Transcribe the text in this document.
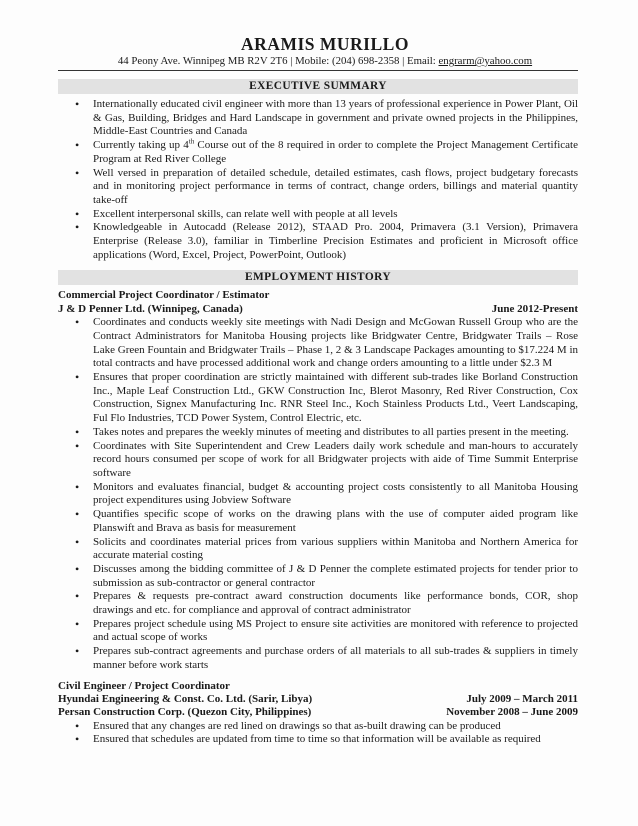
ARAMIS MURILLO
44 Peony Ave. Winnipeg MB R2V 2T6 | Mobile: (204) 698-2358 | Email: engrarm@yahoo.com
EXECUTIVE SUMMARY
• Internationally educated civil engineer with more than 13 years of professional experience in Power Plant, Oil & Gas, Building, Bridges and Hard Landscape in government and private owned projects in the Philippines, Middle-East Countries and Canada
• Currently taking up 4th Course out of the 8 required in order to complete the Project Management Certificate Program at Red River College
• Well versed in preparation of detailed schedule, detailed estimates, cash flows, project budgetary forecasts and in monitoring project performance in terms of contract, change orders, billings and material quantity take-off
• Excellent interpersonal skills, can relate well with people at all levels
• Knowledgeable in Autocadd (Release 2012), STAAD Pro. 2004, Primavera (3.1 Version), Primavera Enterprise (Release 3.0), familiar in Timberline Precision Estimates and proficient in Microsoft office applications (Word, Excel, Project, PowerPoint, Outlook)
EMPLOYMENT HISTORY
Commercial Project Coordinator / Estimator
J & D Penner Ltd. (Winnipeg, Canada)	June 2012-Present
• Coordinates and conducts weekly site meetings with Nadi Design and McGowan Russell Group who are the Contract Administrators for Manitoba Housing projects like Bridgwater Centre, Bridgwater Trails – Rose Lake Green Fountain and Bridgwater Trails – Phase 1, 2 & 3 Landscape Packages amounting to $17.224 M in total contracts and have processed additional work and change orders amounting to a little under $2.3 M
• Ensures that proper coordination are strictly maintained with different sub-trades like Borland Construction Inc., Maple Leaf Construction Ltd., GKW Construction Inc, Blerot Masonry, Red River Construction, Cox Construction, Signex Manufacturing Inc. RNR Steel Inc., Koch Stainless Products Ltd., Veert Landscaping, Ful Flo Industries, TCD Power System, Control Electric, etc.
• Takes notes and prepares the weekly minutes of meeting and distributes to all parties present in the meeting.
• Coordinates with Site Superintendent and Crew Leaders daily work schedule and man-hours to accurately record hours consumed per scope of work for all Bridgwater projects with aide of Time Summit Enterprise software
• Monitors and evaluates financial, budget & accounting project costs consistently to all Manitoba Housing project expenditures using Jobview Software
• Quantifies specific scope of works on the drawing plans with the use of computer aided program like Planswift and Brava as basis for measurement
• Solicits and coordinates material prices from various suppliers within Manitoba and Northern America for accurate material costing
• Discusses among the bidding committee of J & D Penner the complete estimated projects for tender prior to submission as sub-contractor or general contractor
• Prepares & requests pre-contract award construction documents like performance bonds, COR, shop drawings and etc. for compliance and approval of contract administrator
• Prepares project schedule using MS Project to ensure site activities are monitored with reference to projected and actual scope of works
• Prepares sub-contract agreements and purchase orders of all materials to all sub-trades & suppliers in timely manner before work starts
Civil Engineer / Project Coordinator
Hyundai Engineering & Const. Co. Ltd. (Sarir, Libya)	July 2009 – March 2011
Persan Construction Corp. (Quezon City, Philippines)	November 2008 – June 2009
• Ensured that any changes are red lined on drawings so that as-built drawing can be produced
• Ensured that schedules are updated from time to time so that information will be available as required
